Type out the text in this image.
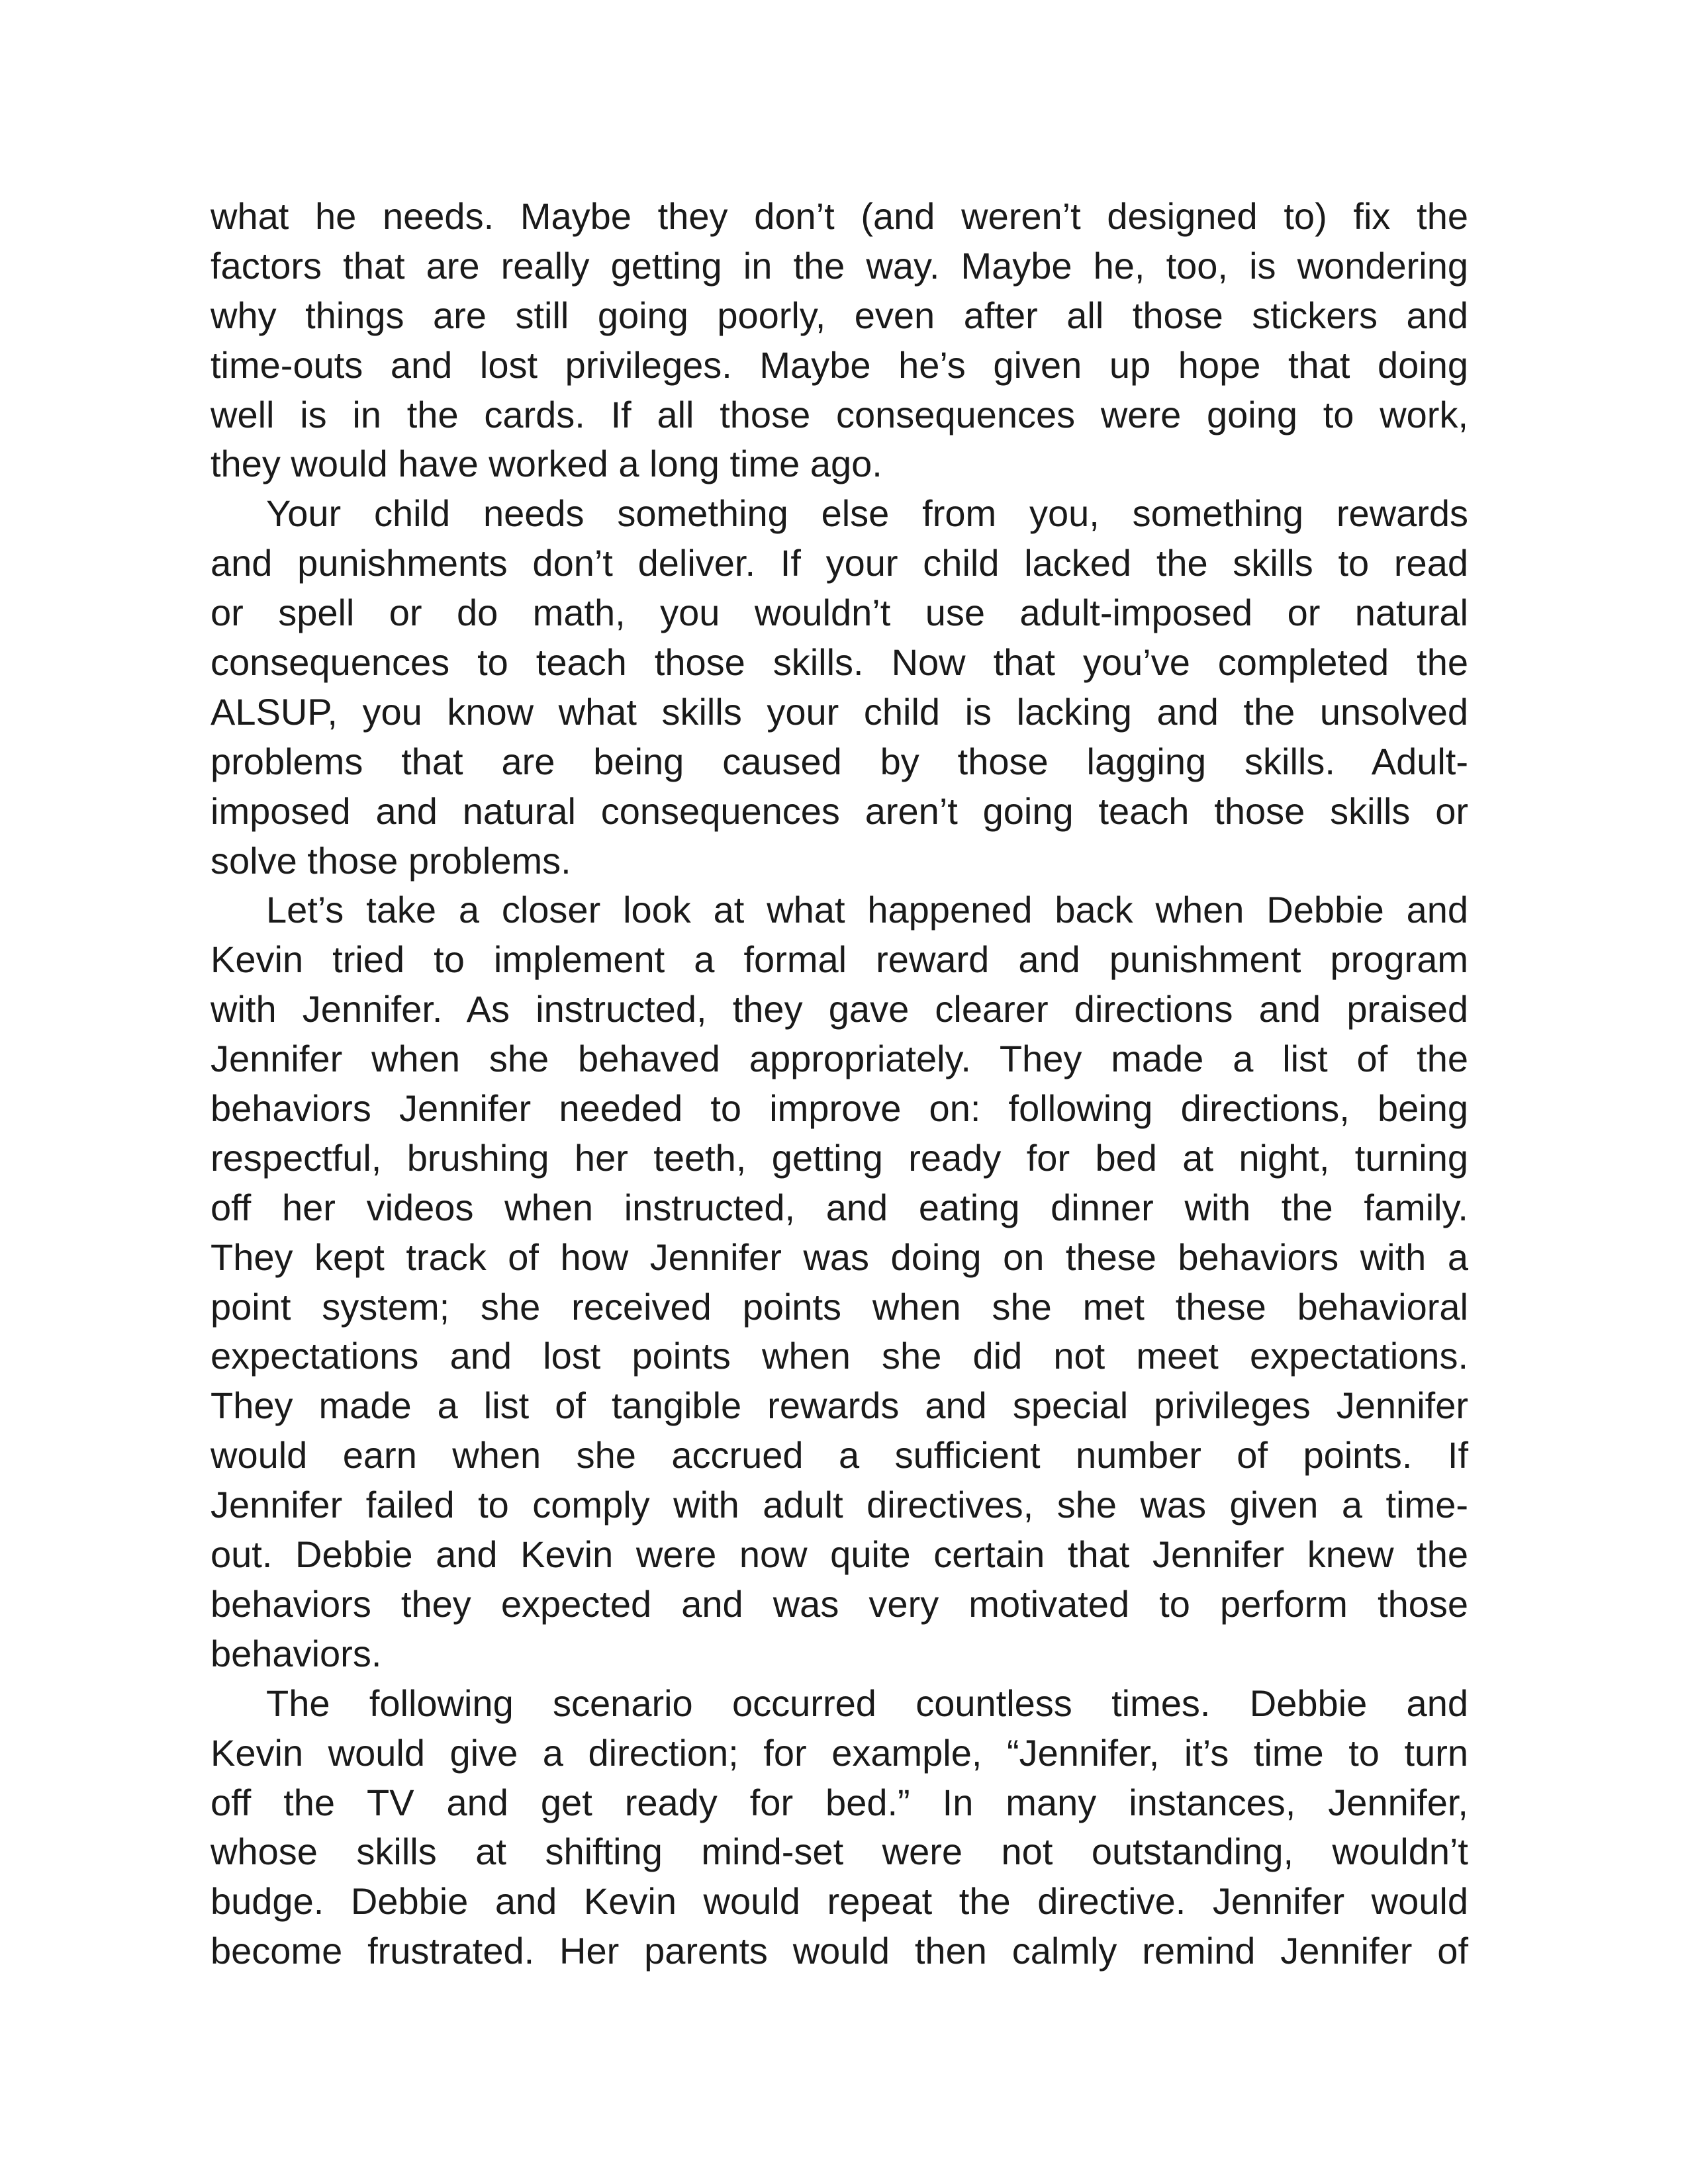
what he needs. Maybe they don’t (and weren’t designed to) fix the
factors that are really getting in the way. Maybe he, too, is wondering
why things are still going poorly, even after all those stickers and
time-outs and lost privileges. Maybe he’s given up hope that doing
well is in the cards. If all those consequences were going to work,
they would have worked a long time ago.
Your child needs something else from you, something rewards
and punishments don’t deliver. If your child lacked the skills to read
or spell or do math, you wouldn’t use adult-imposed or natural
consequences to teach those skills. Now that you’ve completed the
ALSUP, you know what skills your child is lacking and the unsolved
problems that are being caused by those lagging skills. Adult-
imposed and natural consequences aren’t going teach those skills or
solve those problems.
Let’s take a closer look at what happened back when Debbie and
Kevin tried to implement a formal reward and punishment program
with Jennifer. As instructed, they gave clearer directions and praised
Jennifer when she behaved appropriately. They made a list of the
behaviors Jennifer needed to improve on: following directions, being
respectful, brushing her teeth, getting ready for bed at night, turning
off her videos when instructed, and eating dinner with the family.
They kept track of how Jennifer was doing on these behaviors with a
point system; she received points when she met these behavioral
expectations and lost points when she did not meet expectations.
They made a list of tangible rewards and special privileges Jennifer
would earn when she accrued a sufficient number of points. If
Jennifer failed to comply with adult directives, she was given a time-
out. Debbie and Kevin were now quite certain that Jennifer knew the
behaviors they expected and was very motivated to perform those
behaviors.
The following scenario occurred countless times. Debbie and
Kevin would give a direction; for example, “Jennifer, it’s time to turn
off the TV and get ready for bed.” In many instances, Jennifer,
whose skills at shifting mind-set were not outstanding, wouldn’t
budge. Debbie and Kevin would repeat the directive. Jennifer would
become frustrated. Her parents would then calmly remind Jennifer of
